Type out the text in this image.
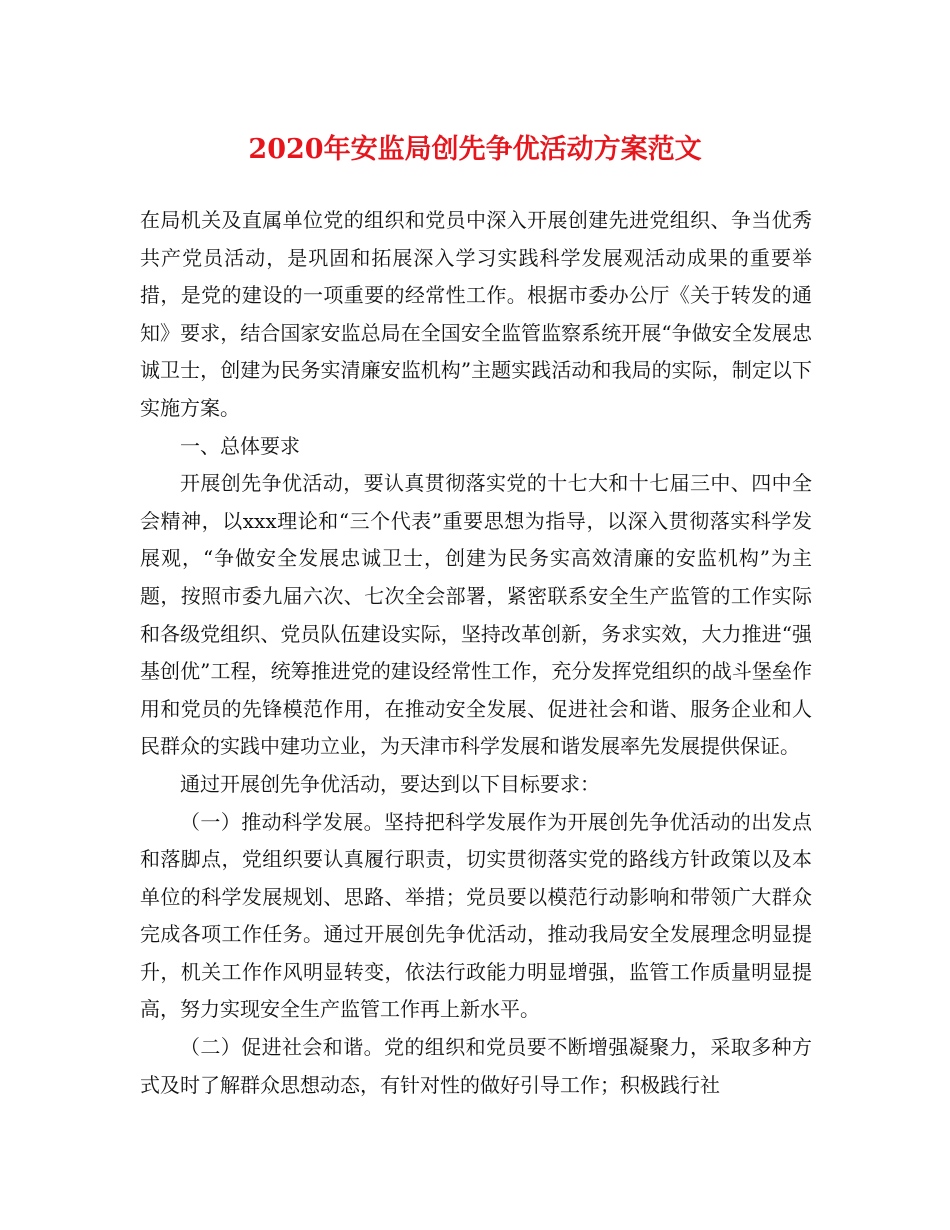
2020年安监局创先争优活动方案范文

在局机关及直属单位党的组织和党员中深入开展创建先进党组织、争当优秀共产党员活动，是巩固和拓展深入学习实践科学发展观活动成果的重要举措，是党的建设的一项重要的经常性工作。根据市委办公厅《关于转发的通知》要求，结合国家安监总局在全国安全监管监察系统开展“争做安全发展忠诚卫士，创建为民务实清廉安监机构”主题实践活动和我局的实际，制定以下实施方案。

一、总体要求

开展创先争优活动，要认真贯彻落实党的十七大和十七届三中、四中全会精神，以xxx理论和“三个代表”重要思想为指导，以深入贯彻落实科学发展观，“争做安全发展忠诚卫士，创建为民务实高效清廉的安监机构”为主题，按照市委九届六次、七次全会部署，紧密联系安全生产监管的工作实际和各级党组织、党员队伍建设实际，坚持改革创新，务求实效，大力推进“强基创优”工程，统筹推进党的建设经常性工作，充分发挥党组织的战斗堡垒作用和党员的先锋模范作用，在推动安全发展、促进社会和谐、服务企业和人民群众的实践中建功立业，为天津市科学发展和谐发展率先发展提供保证。

通过开展创先争优活动，要达到以下目标要求：

（一）推动科学发展。坚持把科学发展作为开展创先争优活动的出发点和落脚点，党组织要认真履行职责，切实贯彻落实党的路线方针政策以及本单位的科学发展规划、思路、举措；党员要以模范行动影响和带领广大群众完成各项工作任务。通过开展创先争优活动，推动我局安全发展理念明显提升，机关工作作风明显转变，依法行政能力明显增强，监管工作质量明显提高，努力实现安全生产监管工作再上新水平。

（二）促进社会和谐。党的组织和党员要不断增强凝聚力，采取多种方式及时了解群众思想动态，有针对性的做好引导工作；积极践行社
